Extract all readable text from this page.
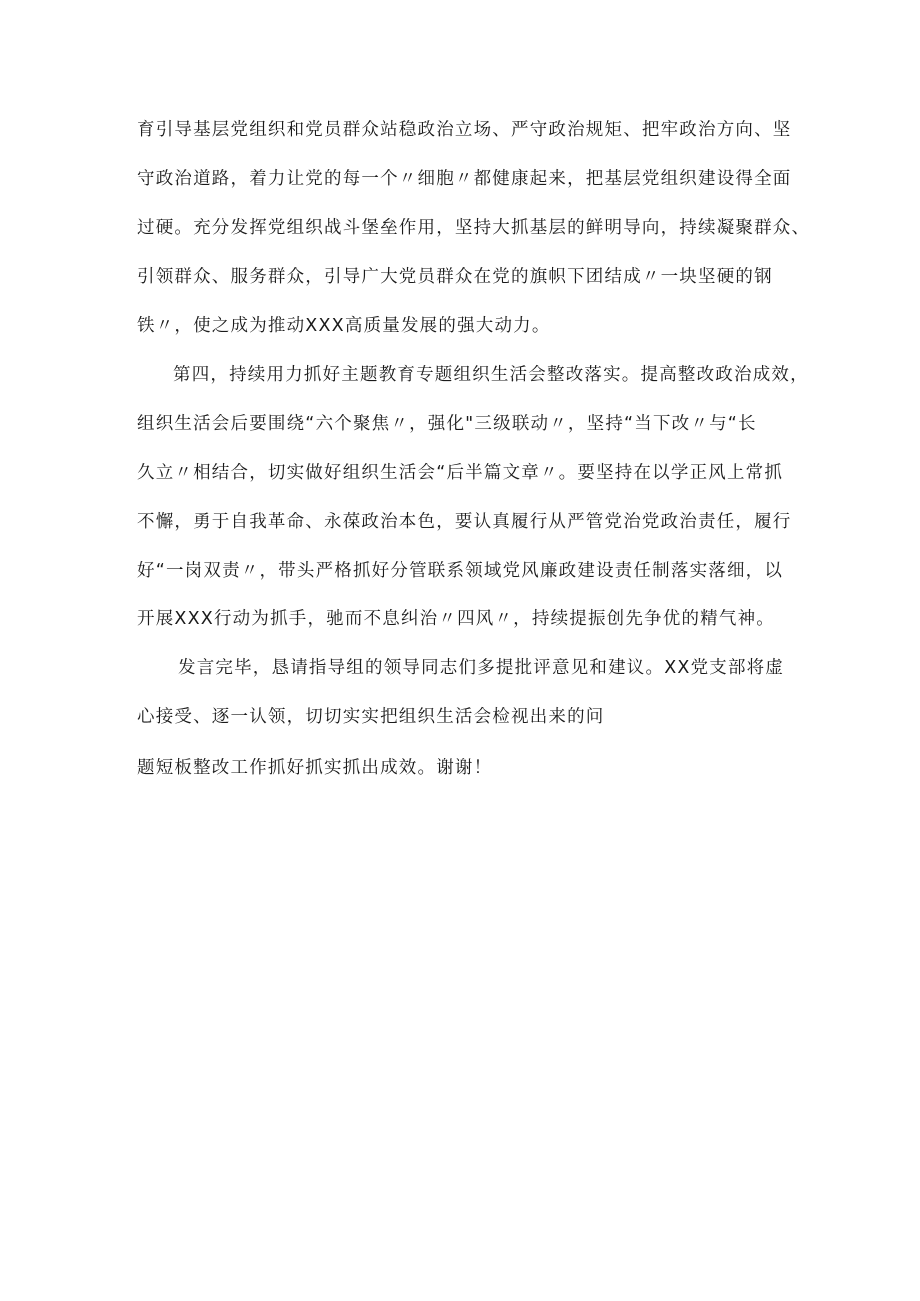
育引导基层党组织和党员群众站稳政治立场、严守政治规矩、把牢政治方向、坚
守政治道路，着力让党的每一个〃细胞〃都健康起来，把基层党组织建设得全面
过硬。充分发挥党组织战斗堡垒作用，坚持大抓基层的鲜明导向，持续凝聚群众、
引领群众、服务群众，引导广大党员群众在党的旗帜下团结成〃一块坚硬的钢
铁〃，使之成为推动XXX高质量发展的强大动力。
第四，持续用力抓好主题教育专题组织生活会整改落实。提高整改政治成效，
组织生活会后要围绕“六个聚焦〃，强化"三级联动〃，坚持“当下改〃与“长
久立〃相结合，切实做好组织生活会“后半篇文章〃。要坚持在以学正风上常抓
不懈，勇于自我革命、永葆政治本色，要认真履行从严管党治党政治责任，履行
好“一岗双责〃，带头严格抓好分管联系领域党风廉政建设责任制落实落细，以
开展XXX行动为抓手，驰而不息纠治〃四风〃，持续提振创先争优的精气神。
发言完毕，恳请指导组的领导同志们多提批评意见和建议。XX党支部将虚
心接受、逐一认领，切切实实把组织生活会检视出来的问
题短板整改工作抓好抓实抓出成效。谢谢！
